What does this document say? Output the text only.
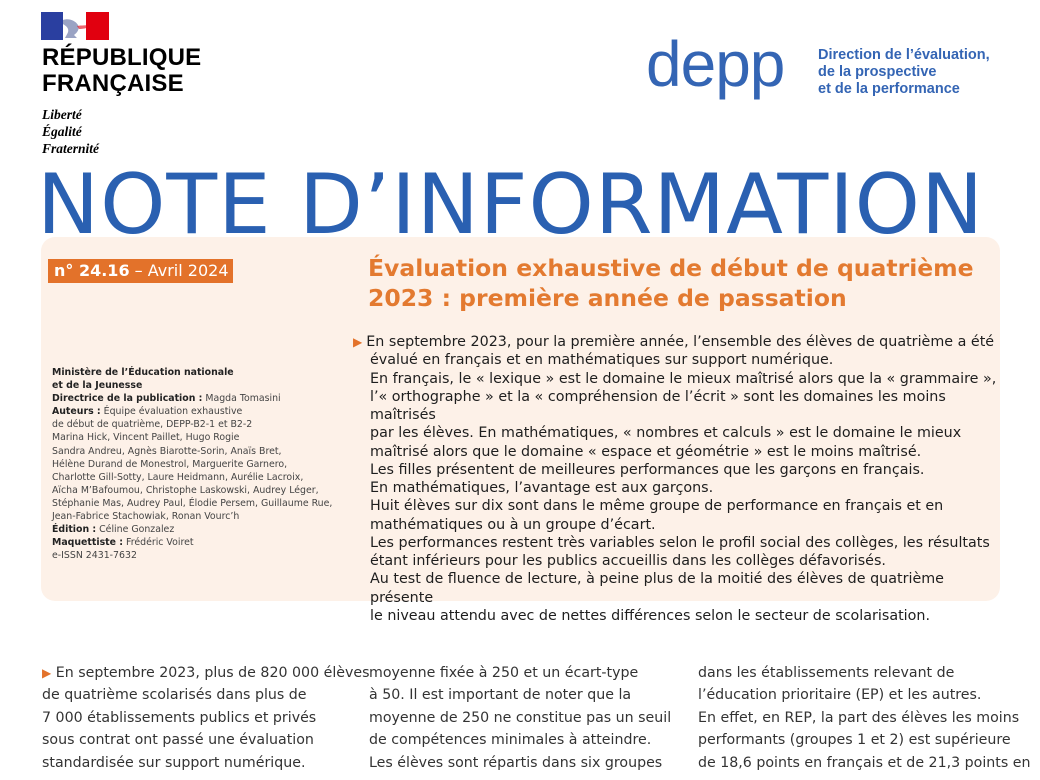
RÉPUBLIQUE
FRANÇAISE
Liberté
Égalité
Fraternité
depp Direction de l’évaluation,
de la prospective
et de la performance
NOTE D’INFORMATION
n° 24.16 – Avril 2024	Évaluation exhaustive de début de quatrième
2023 : première année de passation
▶ En septembre 2023, pour la première année, l’ensemble des élèves de quatrième a été
évalué en français et en mathématiques sur support numérique.
En français, le « lexique » est le domaine le mieux maîtrisé alors que la « grammaire »,
l’« orthographe » et la « compréhension de l’écrit » sont les domaines les moins maîtrisés
par les élèves. En mathématiques, « nombres et calculs » est le domaine le mieux
maîtrisé alors que le domaine « espace et géométrie » est le moins maîtrisé.
Les filles présentent de meilleures performances que les garçons en français.
En mathématiques, l’avantage est aux garçons.
Huit élèves sur dix sont dans le même groupe de performance en français et en
mathématiques ou à un groupe d’écart.
Les performances restent très variables selon le profil social des collèges, les résultats
étant inférieurs pour les publics accueillis dans les collèges défavorisés.
Au test de fluence de lecture, à peine plus de la moitié des élèves de quatrième présente
le niveau attendu avec de nettes différences selon le secteur de scolarisation.
Ministère de l’Éducation nationale
et de la Jeunesse
Directrice de la publication : Magda Tomasini
Auteurs : Équipe évaluation exhaustive
de début de quatrième, DEPP-B2-1 et B2-2
Marina Hick, Vincent Paillet, Hugo Rogie
Sandra Andreu, Agnès Biarotte-Sorin, Anaïs Bret,
Hélène Durand de Monestrol, Marguerite Garnero,
Charlotte Gill-Sotty, Laure Heidmann, Aurélie Lacroix,
Aïcha M’Bafoumou, Christophe Laskowski, Audrey Léger,
Stéphanie Mas, Audrey Paul, Élodie Persem, Guillaume Rue,
Jean-Fabrice Stachowiak, Ronan Vourc’h
Édition : Céline Gonzalez
Maquettiste : Frédéric Voiret
e-ISSN 2431-7632
▶ En septembre 2023, plus de 820 000 élèves
de quatrième scolarisés dans plus de
7 000 établissements publics et privés
sous contrat ont passé une évaluation
standardisée sur support numérique.
moyenne fixée à 250 et un écart-type
à 50. Il est important de noter que la
moyenne de 250 ne constitue pas un seuil
de compétences minimales à atteindre.
Les élèves sont répartis dans six groupes
dans les établissements relevant de
l’éducation prioritaire (EP) et les autres.
En effet, en REP, la part des élèves les moins
performants (groupes 1 et 2) est supérieure
de 18,6 points en français et de 21,3 points en
